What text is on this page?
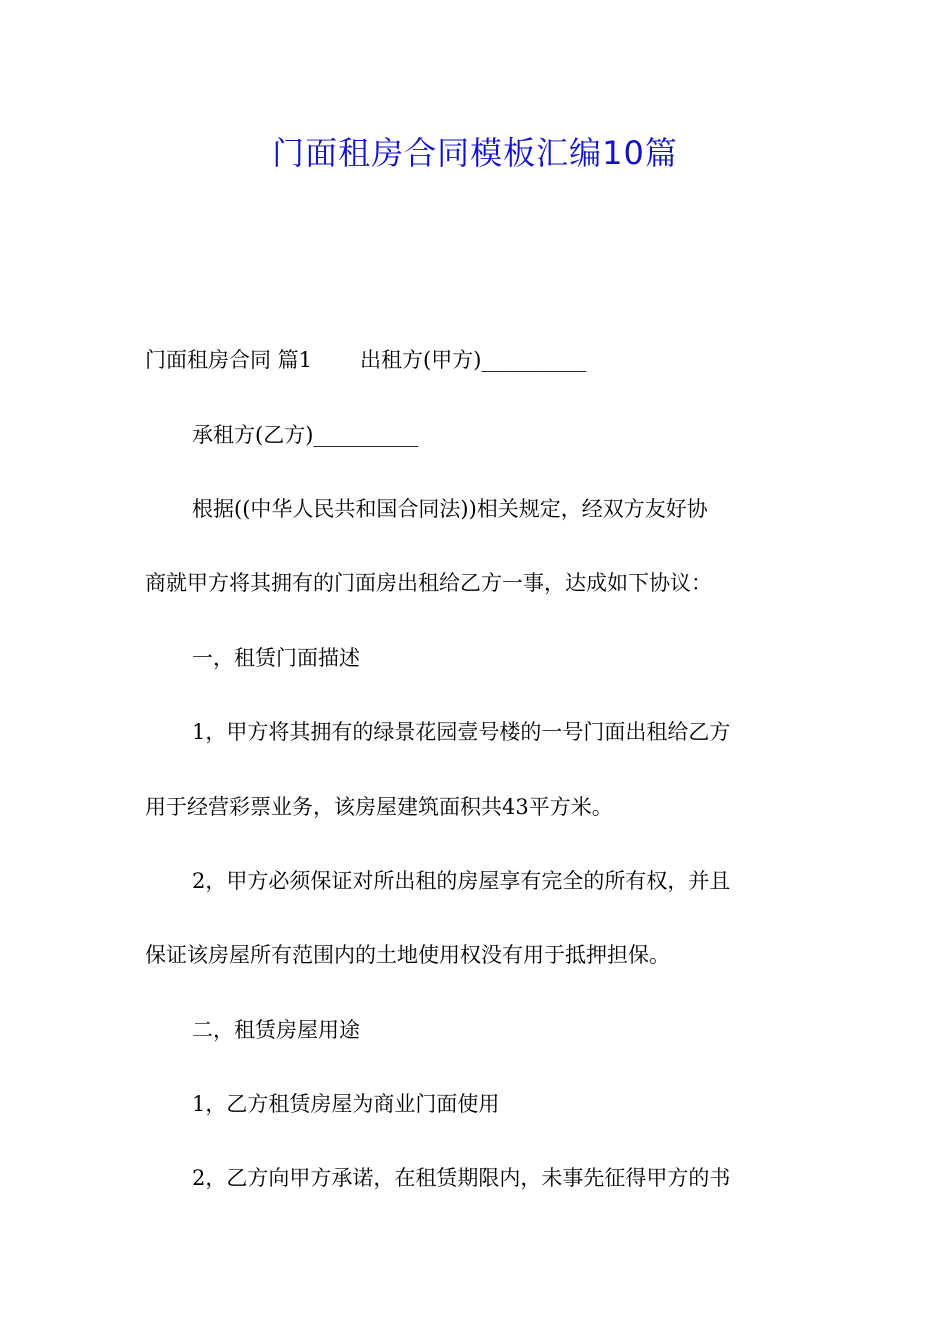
门面租房合同模板汇编10篇

门面租房合同 篇1 出租方(甲方)__________

承租方(乙方)__________

根据((中华人民共和国合同法))相关规定，经双方友好协

商就甲方将其拥有的门面房出租给乙方一事，达成如下协议：

一，租赁门面描述

1，甲方将其拥有的绿景花园壹号楼的一号门面出租给乙方

用于经营彩票业务，该房屋建筑面积共43平方米。

2，甲方必须保证对所出租的房屋享有完全的所有权，并且

保证该房屋所有范围内的土地使用权没有用于抵押担保。

二，租赁房屋用途

1，乙方租赁房屋为商业门面使用

2，乙方向甲方承诺，在租赁期限内，未事先征得甲方的书
